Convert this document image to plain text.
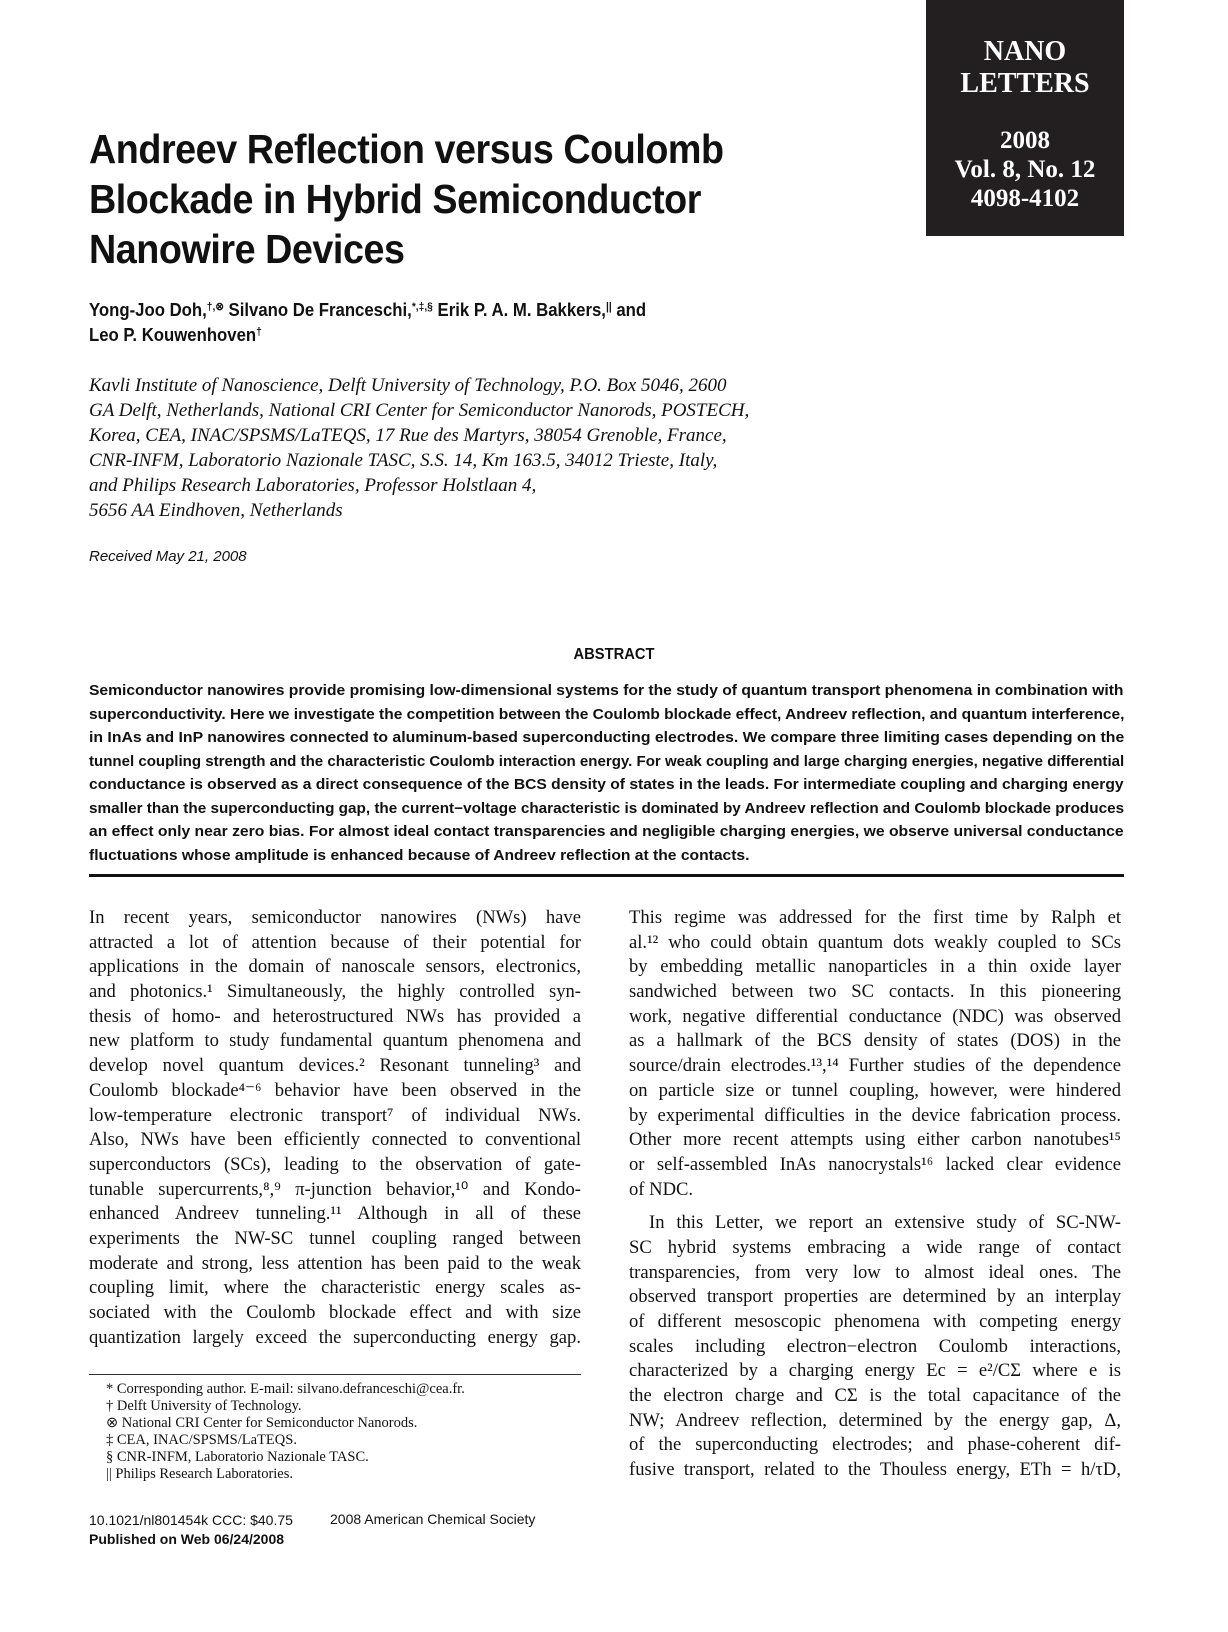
NANO
LETTERS
2008
Vol. 8, No. 12
4098-4102
Andreev Reflection versus Coulomb
Blockade in Hybrid Semiconductor
Nanowire Devices
Yong-Joo Doh,†,⊗ Silvano De Franceschi,*,‡,§ Erik P. A. M. Bakkers,|| and
Leo P. Kouwenhoven†
Kavli Institute of Nanoscience, Delft University of Technology, P.O. Box 5046, 2600
GA Delft, Netherlands, National CRI Center for Semiconductor Nanorods, POSTECH,
Korea, CEA, INAC/SPSMS/LaTEQS, 17 Rue des Martyrs, 38054 Grenoble, France,
CNR-INFM, Laboratorio Nazionale TASC, S.S. 14, Km 163.5, 34012 Trieste, Italy,
and Philips Research Laboratories, Professor Holstlaan 4,
5656 AA Eindhoven, Netherlands
Received May 21, 2008
ABSTRACT
Semiconductor nanowires provide promising low-dimensional systems for the study of quantum transport phenomena in combination with
superconductivity. Here we investigate the competition between the Coulomb blockade effect, Andreev reflection, and quantum interference,
in InAs and InP nanowires connected to aluminum-based superconducting electrodes. We compare three limiting cases depending on the
tunnel coupling strength and the characteristic Coulomb interaction energy. For weak coupling and large charging energies, negative differential
conductance is observed as a direct consequence of the BCS density of states in the leads. For intermediate coupling and charging energy
smaller than the superconducting gap, the current−voltage characteristic is dominated by Andreev reflection and Coulomb blockade produces
an effect only near zero bias. For almost ideal contact transparencies and negligible charging energies, we observe universal conductance
fluctuations whose amplitude is enhanced because of Andreev reflection at the contacts.
In recent years, semiconductor nanowires (NWs) have
attracted a lot of attention because of their potential for
applications in the domain of nanoscale sensors, electronics,
and photonics.¹ Simultaneously, the highly controlled syn-
thesis of homo- and heterostructured NWs has provided a
new platform to study fundamental quantum phenomena and
develop novel quantum devices.² Resonant tunneling³ and
Coulomb blockade⁴⁻⁶ behavior have been observed in the
low-temperature electronic transport⁷ of individual NWs.
Also, NWs have been efficiently connected to conventional
superconductors (SCs), leading to the observation of gate-
tunable supercurrents,⁸,⁹ π-junction behavior,¹⁰ and Kondo-
enhanced Andreev tunneling.¹¹ Although in all of these
experiments the NW-SC tunnel coupling ranged between
moderate and strong, less attention has been paid to the weak
coupling limit, where the characteristic energy scales as-
sociated with the Coulomb blockade effect and with size
quantization largely exceed the superconducting energy gap.
This regime was addressed for the first time by Ralph et
al.¹² who could obtain quantum dots weakly coupled to SCs
by embedding metallic nanoparticles in a thin oxide layer
sandwiched between two SC contacts. In this pioneering
work, negative differential conductance (NDC) was observed
as a hallmark of the BCS density of states (DOS) in the
source/drain electrodes.¹³,¹⁴ Further studies of the dependence
on particle size or tunnel coupling, however, were hindered
by experimental difficulties in the device fabrication process.
Other more recent attempts using either carbon nanotubes¹⁵
or self-assembled InAs nanocrystals¹⁶ lacked clear evidence
of NDC.
In this Letter, we report an extensive study of SC-NW-
SC hybrid systems embracing a wide range of contact
transparencies, from very low to almost ideal ones. The
observed transport properties are determined by an interplay
of different mesoscopic phenomena with competing energy
scales including electron−electron Coulomb interactions,
characterized by a charging energy Ec = e²/CΣ where e is
the electron charge and CΣ is the total capacitance of the
NW; Andreev reflection, determined by the energy gap, Δ,
of the superconducting electrodes; and phase-coherent dif-
fusive transport, related to the Thouless energy, ETh = h/τD,
* Corresponding author. E-mail: silvano.defranceschi@cea.fr.
† Delft University of Technology.
⊗ National CRI Center for Semiconductor Nanorods.
‡ CEA, INAC/SPSMS/LaTEQS.
§ CNR-INFM, Laboratorio Nazionale TASC.
|| Philips Research Laboratories.
10.1021/nl801454k CCC: $40.75
Published on Web 06/24/2008
2008 American Chemical Society
